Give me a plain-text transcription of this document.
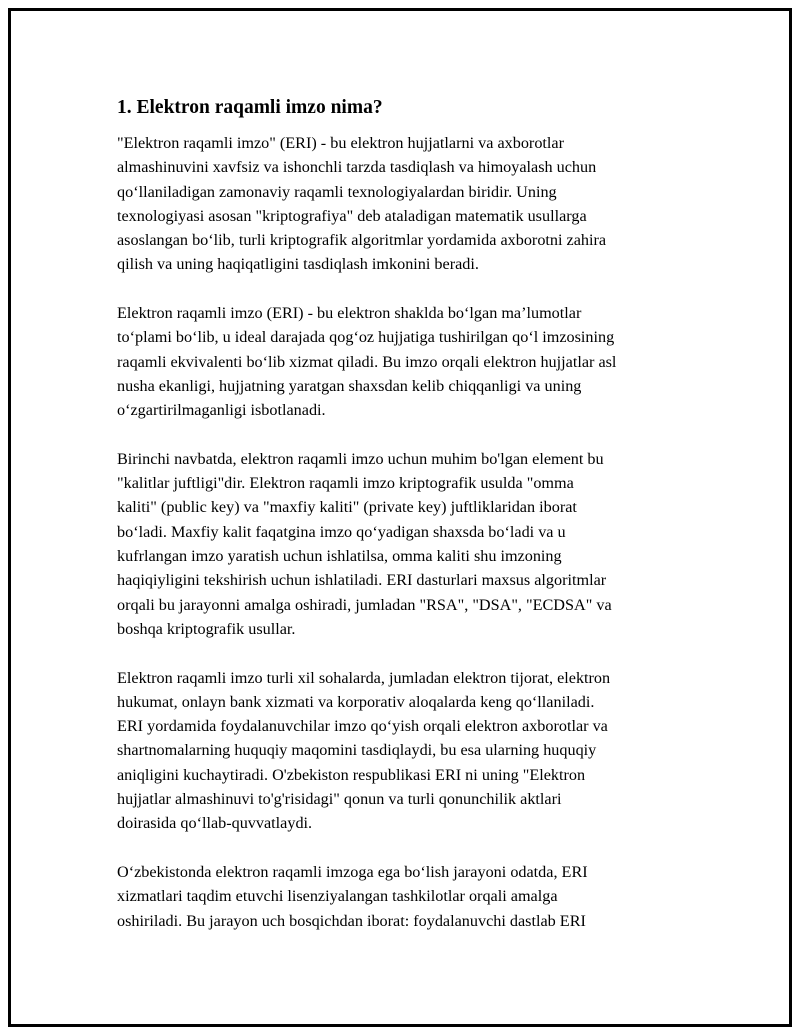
1. Elektron raqamli imzo nima?

"Elektron raqamli imzo" (ERI) - bu elektron hujjatlarni va axborotlar
almashinuvini xavfsiz va ishonchli tarzda tasdiqlash va himoyalash uchun
qo‘llaniladigan zamonaviy raqamli texnologiyalardan biridir. Uning
texnologiyasi asosan "kriptografiya" deb ataladigan matematik usullarga
asoslangan bo‘lib, turli kriptografik algoritmlar yordamida axborotni zahira
qilish va uning haqiqatligini tasdiqlash imkonini beradi.

Elektron raqamli imzo (ERI) - bu elektron shaklda bo‘lgan ma’lumotlar
to‘plami bo‘lib, u ideal darajada qog‘oz hujjatiga tushirilgan qo‘l imzosining
raqamli ekvivalenti bo‘lib xizmat qiladi. Bu imzo orqali elektron hujjatlar asl
nusha ekanligi, hujjatning yaratgan shaxsdan kelib chiqqanligi va uning
o‘zgartirilmaganligi isbotlanadi.

Birinchi navbatda, elektron raqamli imzo uchun muhim bo'lgan element bu
"kalitlar juftligi"dir. Elektron raqamli imzo kriptografik usulda "omma
kaliti" (public key) va "maxfiy kaliti" (private key) juftliklaridan iborat
bo‘ladi. Maxfiy kalit faqatgina imzo qo‘yadigan shaxsda bo‘ladi va u
kufrlangan imzo yaratish uchun ishlatilsa, omma kaliti shu imzoning
haqiqiyligini tekshirish uchun ishlatiladi. ERI dasturlari maxsus algoritmlar
orqali bu jarayonni amalga oshiradi, jumladan "RSA", "DSA", "ECDSA" va
boshqa kriptografik usullar.

Elektron raqamli imzo turli xil sohalarda, jumladan elektron tijorat, elektron
hukumat, onlayn bank xizmati va korporativ aloqalarda keng qo‘llaniladi.
ERI yordamida foydalanuvchilar imzo qo‘yish orqali elektron axborotlar va
shartnomalarning huquqiy maqomini tasdiqlaydi, bu esa ularning huquqiy
aniqligini kuchaytiradi. O'zbekiston respublikasi ERI ni uning "Elektron
hujjatlar almashinuvi to'g'risidagi" qonun va turli qonunchilik aktlari
doirasida qo‘llab-quvvatlaydi.

O‘zbekistonda elektron raqamli imzoga ega bo‘lish jarayoni odatda, ERI
xizmatlari taqdim etuvchi lisenziyalangan tashkilotlar orqali amalga
oshiriladi. Bu jarayon uch bosqichdan iborat: foydalanuvchi dastlab ERI
